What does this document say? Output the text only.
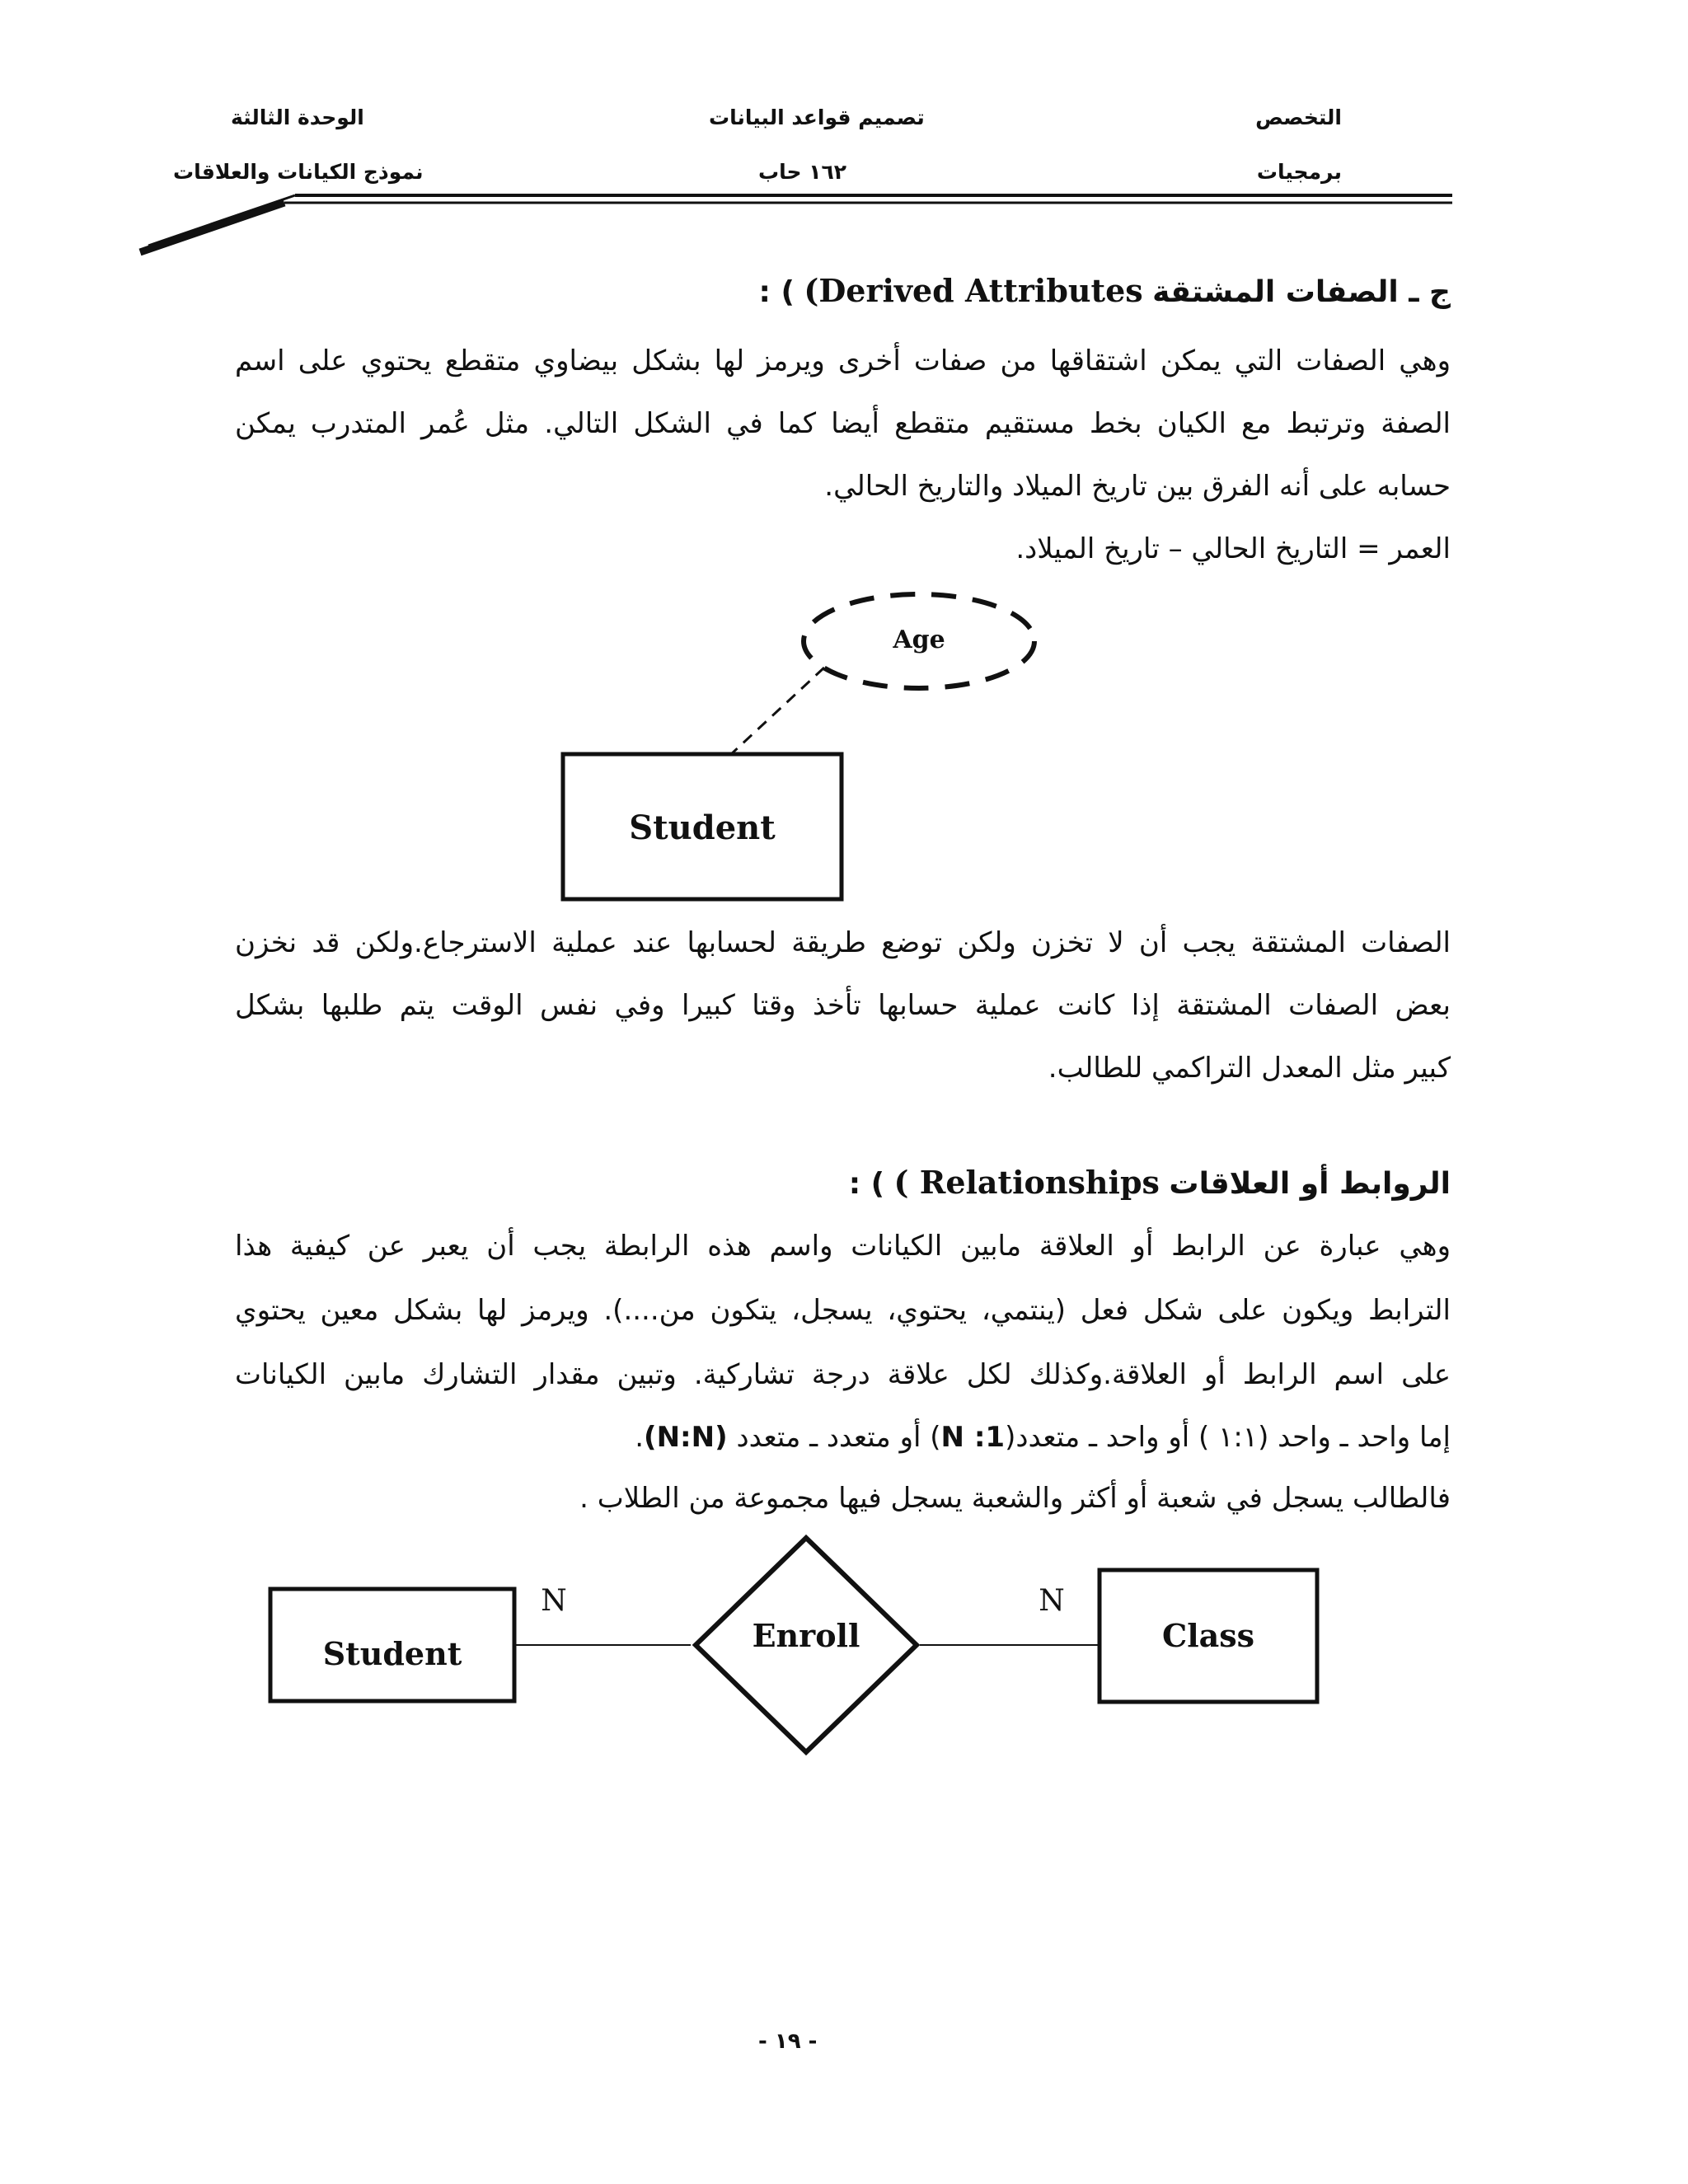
التخصص
برمجيات
تصميم قواعد البيانات
١٦٢ حاب
الوحدة الثالثة
نموذج الكيانات والعلاقات
ج ـ الصفات المشتقة (Derived Attributes ) :
وهي الصفات التي يمكن اشتقاقها من صفات أخرى ويرمز لها بشكل بيضاوي متقطع يحتوي على اسم
الصفة وترتبط مع الكيان بخط مستقيم متقطع أيضا كما في الشكل التالي. مثل عُمر المتدرب يمكن
حسابه على أنه الفرق بين تاريخ الميلاد والتاريخ الحالي.
العمر = التاريخ الحالي – تاريخ الميلاد.
Age
Student
الصفات المشتقة يجب أن لا تخزن ولكن توضع طريقة لحسابها عند عملية الاسترجاع.ولكن قد نخزن
بعض الصفات المشتقة إذا كانت عملية حسابها تأخذ وقتا كبيرا وفي نفس الوقت يتم طلبها بشكل
كبير مثل المعدل التراكمي للطالب.
الروابط أو العلاقات ( Relationships ) :
وهي عبارة عن الرابط أو العلاقة مابين الكيانات واسم هذه الرابطة يجب أن يعبر عن كيفية هذا
الترابط ويكون على شكل فعل (ينتمي، يحتوي، يسجل، يتكون من....). ويرمز لها بشكل معين يحتوي
على اسم الرابط أو العلاقة.وكذلك لكل علاقة درجة تشاركية. وتبين مقدار التشارك مابين الكيانات
إما واحد ـ واحد (١:١ ) أو واحد ـ متعدد(1: N) أو متعدد ـ متعدد (N:N).
فالطالب يسجل في شعبة أو أكثر والشعبة يسجل فيها مجموعة من الطلاب .
Student	Enroll	Class
N	N
- ١٩ -
